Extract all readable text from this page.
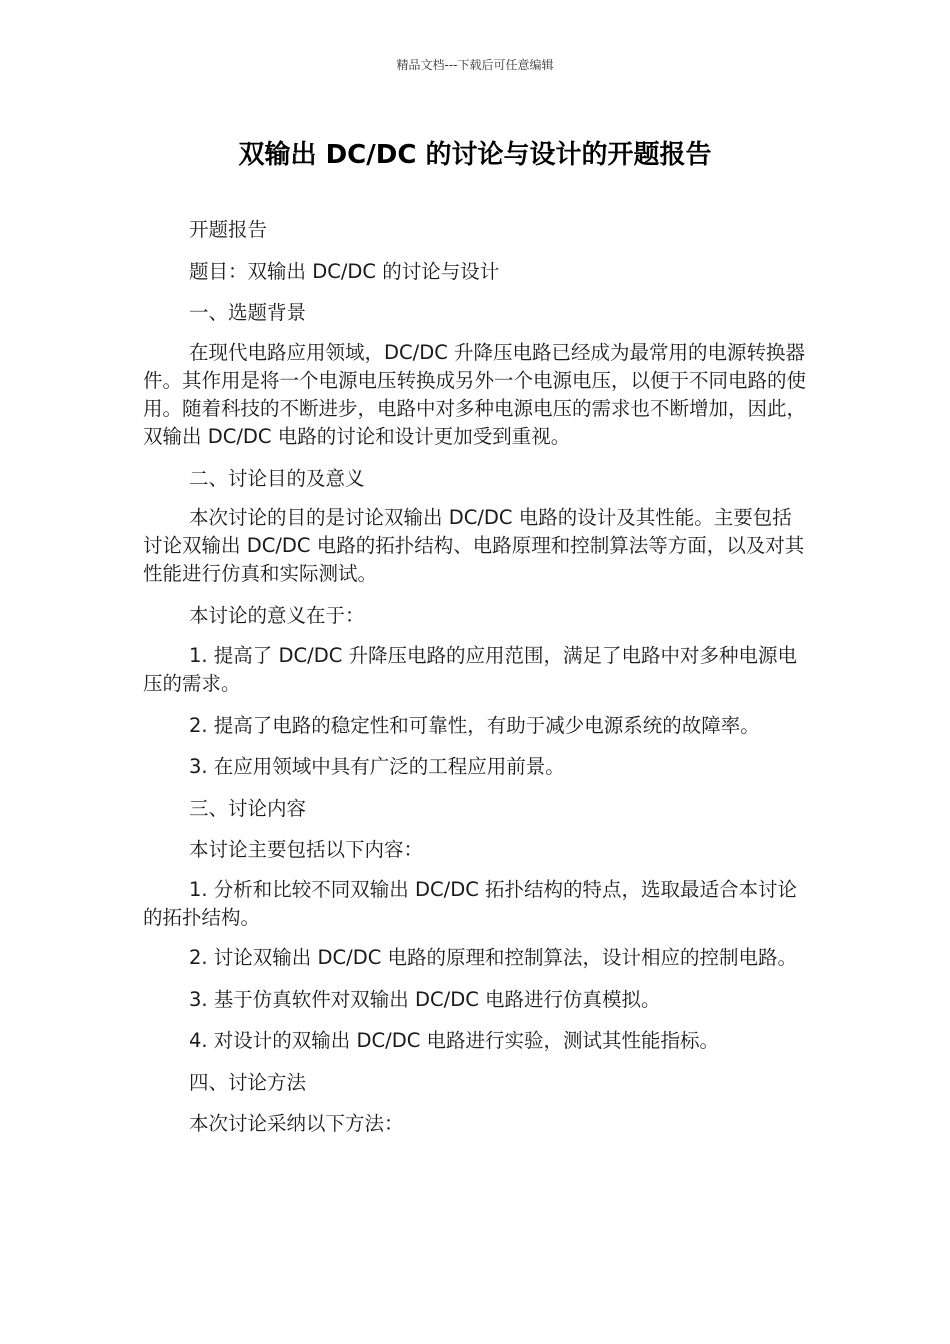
精品文档---下载后可任意编辑
双输出 DC/DC 的讨论与设计的开题报告

开题报告

题目：双输出 DC/DC 的讨论与设计

一、选题背景

在现代电路应用领域，DC/DC 升降压电路已经成为最常用的电源转换器件。其作用是将一个电源电压转换成另外一个电源电压，以便于不同电路的使用。随着科技的不断进步，电路中对多种电源电压的需求也不断增加，因此，双输出 DC/DC 电路的讨论和设计更加受到重视。

二、讨论目的及意义

本次讨论的目的是讨论双输出 DC/DC 电路的设计及其性能。主要包括讨论双输出 DC/DC 电路的拓扑结构、电路原理和控制算法等方面，以及对其性能进行仿真和实际测试。

本讨论的意义在于：

1. 提高了 DC/DC 升降压电路的应用范围，满足了电路中对多种电源电压的需求。

2. 提高了电路的稳定性和可靠性，有助于减少电源系统的故障率。

3. 在应用领域中具有广泛的工程应用前景。

三、讨论内容

本讨论主要包括以下内容：

1. 分析和比较不同双输出 DC/DC 拓扑结构的特点，选取最适合本讨论的拓扑结构。

2. 讨论双输出 DC/DC 电路的原理和控制算法，设计相应的控制电路。

3. 基于仿真软件对双输出 DC/DC 电路进行仿真模拟。

4. 对设计的双输出 DC/DC 电路进行实验，测试其性能指标。

四、讨论方法

本次讨论采纳以下方法：
